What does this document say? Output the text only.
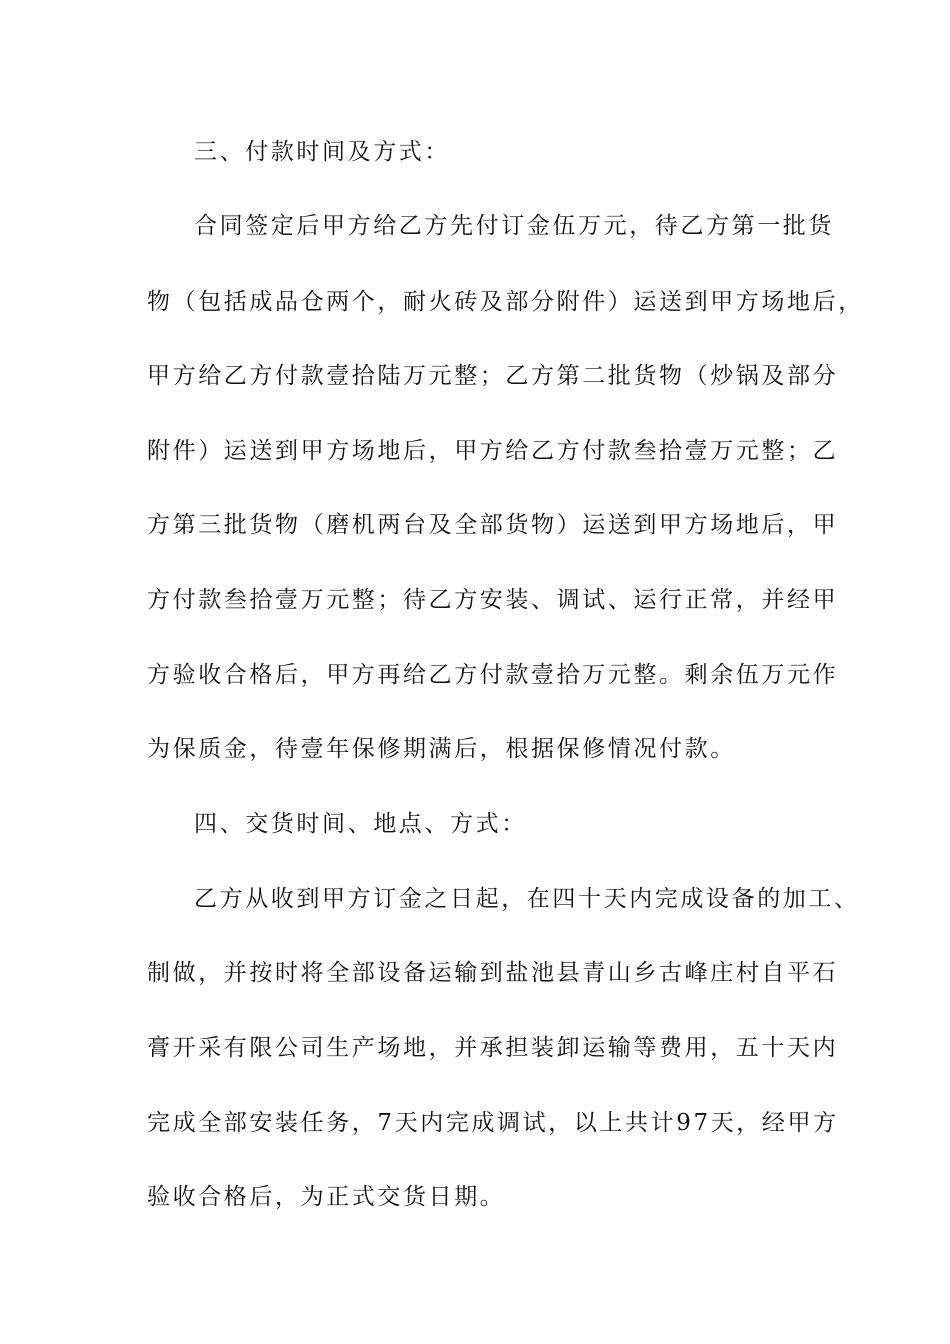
三、付款时间及方式：
合同签定后甲方给乙方先付订金伍万元，待乙方第一批货
物（包括成品仓两个，耐火砖及部分附件）运送到甲方场地后，
甲方给乙方付款壹拾陆万元整；乙方第二批货物（炒锅及部分
附件）运送到甲方场地后，甲方给乙方付款叁拾壹万元整；乙
方第三批货物（磨机两台及全部货物）运送到甲方场地后，甲
方付款叁拾壹万元整；待乙方安装、调试、运行正常，并经甲
方验收合格后，甲方再给乙方付款壹拾万元整。剩余伍万元作
为保质金，待壹年保修期满后，根据保修情况付款。
四、交货时间、地点、方式：
乙方从收到甲方订金之日起，在四十天内完成设备的加工、
制做，并按时将全部设备运输到盐池县青山乡古峰庄村自平石
膏开采有限公司生产场地，并承担装卸运输等费用，五十天内
完成全部安装任务，7天内完成调试，以上共计97天，经甲方
验收合格后，为正式交货日期。
